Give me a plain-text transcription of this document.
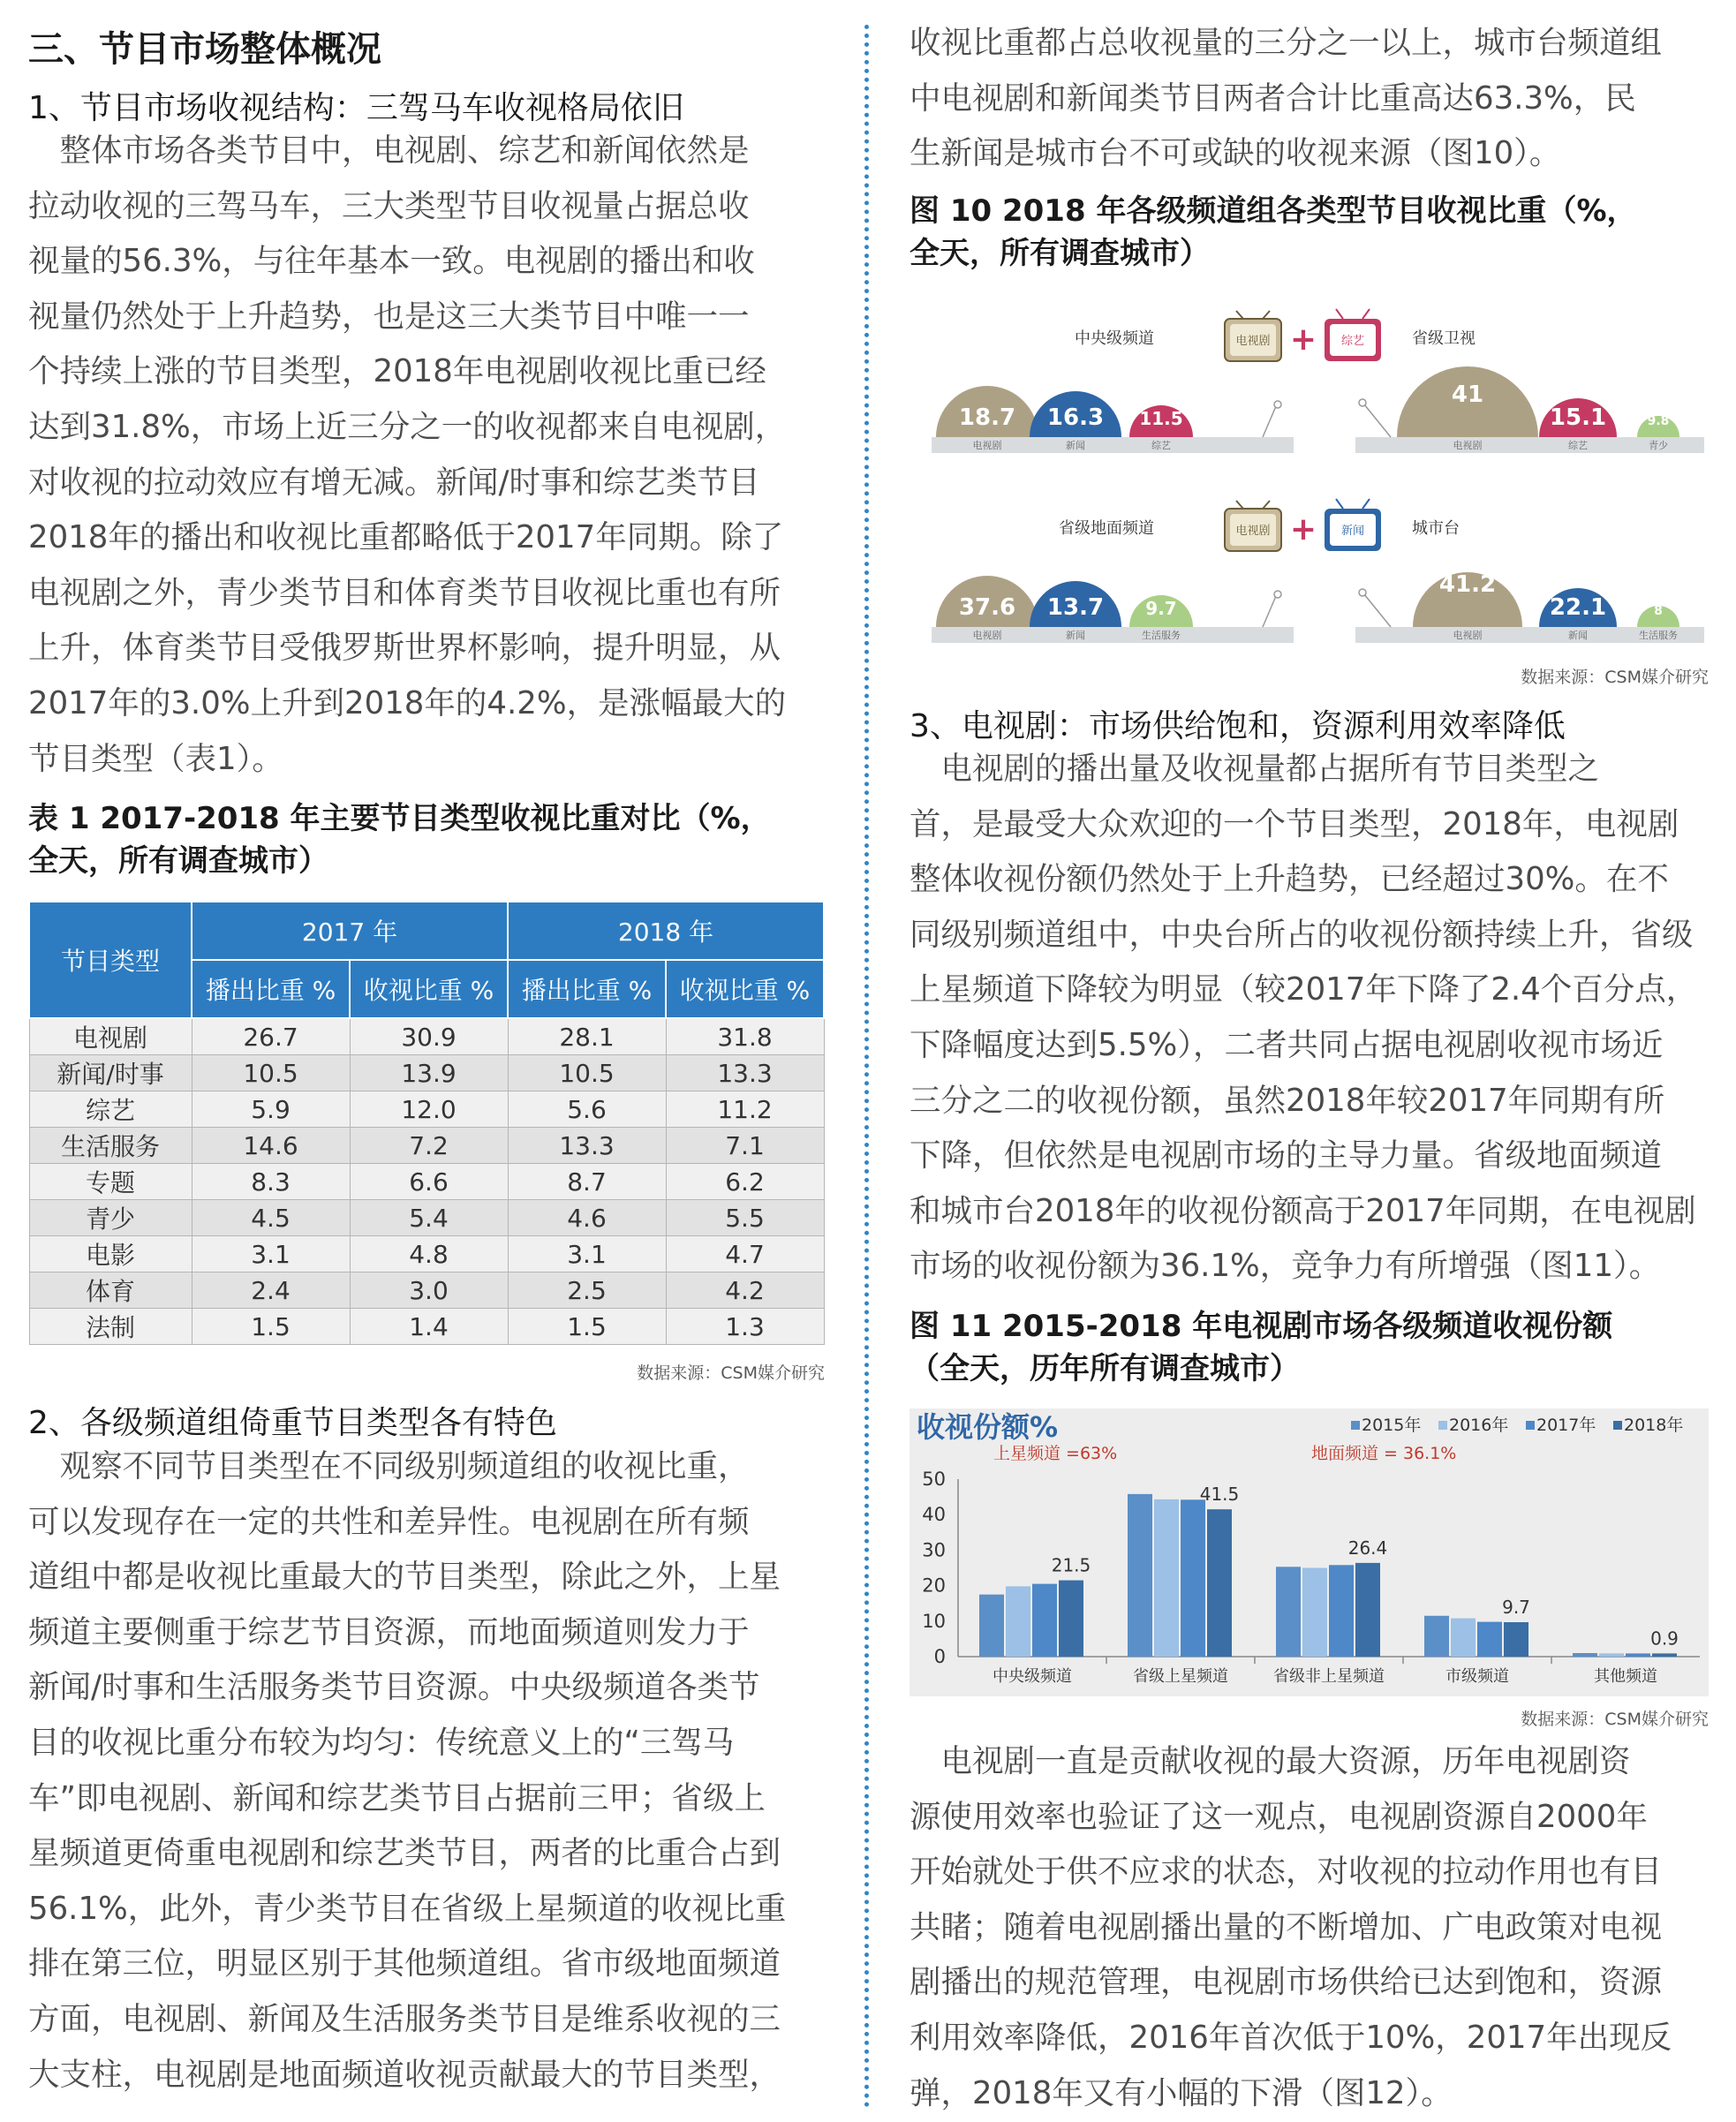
三、节目市场整体概况
1、节目市场收视结构：三驾马车收视格局依旧
　整体市场各类节目中，电视剧、综艺和新闻依然是
拉动收视的三驾马车，三大类型节目收视量占据总收
视量的56.3%，与往年基本一致。电视剧的播出和收
视量仍然处于上升趋势，也是这三大类节目中唯一一
个持续上涨的节目类型，2018年电视剧收视比重已经
达到31.8%，市场上近三分之一的收视都来自电视剧，
对收视的拉动效应有增无减。新闻/时事和综艺类节目
2018年的播出和收视比重都略低于2017年同期。除了
电视剧之外，青少类节目和体育类节目收视比重也有所
上升，体育类节目受俄罗斯世界杯影响，提升明显，从
2017年的3.0%上升到2018年的4.2%，是涨幅最大的
节目类型（表1）。
表 1 2017-2018 年主要节目类型收视比重对比（%，
全天，所有调查城市）
节目类型	2017 年		2018 年	
	播出比重 %	收视比重 %	播出比重 %	收视比重 %
电视剧	26.7	30.9	28.1	31.8
新闻/时事	10.5	13.9	10.5	13.3
综艺	5.9	12.0	5.6	11.2
生活服务	14.6	7.2	13.3	7.1
专题	8.3	6.6	8.7	6.2
青少	4.5	5.4	4.6	5.5
电影	3.1	4.8	3.1	4.7
体育	2.4	3.0	2.5	4.2
法制	1.5	1.4	1.5	1.3
数据来源：CSM媒介研究
2、各级频道组倚重节目类型各有特色
　观察不同节目类型在不同级别频道组的收视比重，
可以发现存在一定的共性和差异性。电视剧在所有频
道组中都是收视比重最大的节目类型，除此之外，上星
频道主要侧重于综艺节目资源，而地面频道则发力于
新闻/时事和生活服务类节目资源。中央级频道各类节
目的收视比重分布较为均匀：传统意义上的“三驾马
车”即电视剧、新闻和综艺类节目占据前三甲；省级上
星频道更倚重电视剧和综艺类节目，两者的比重合占到
56.1%，此外，青少类节目在省级上星频道的收视比重
排在第三位，明显区别于其他频道组。省市级地面频道
方面，电视剧、新闻及生活服务类节目是维系收视的三
大支柱，电视剧是地面频道收视贡献最大的节目类型，
收视比重都占总收视量的三分之一以上，城市台频道组
中电视剧和新闻类节目两者合计比重高达63.3%，民
生新闻是城市台不可或缺的收视来源（图10）。
图 10 2018 年各级频道组各类型节目收视比重（%，
全天，所有调查城市）
中央级频道	电视剧 + 综艺	省级卫视
18.7
电视剧
16.3
新闻
11.5
综艺
41
电视剧
15.1
综艺
9.8
青少
省级地面频道	电视剧 + 新闻	城市台
37.6
电视剧
13.7
新闻
9.7
生活服务
41.2
电视剧
22.1
新闻
8
生活服务
数据来源：CSM媒介研究
3、电视剧：市场供给饱和，资源利用效率降低
　电视剧的播出量及收视量都占据所有节目类型之
首，是最受大众欢迎的一个节目类型，2018年，电视剧
整体收视份额仍然处于上升趋势，已经超过30%。在不
同级别频道组中，中央台所占的收视份额持续上升，省级
上星频道下降较为明显（较2017年下降了2.4个百分点，
下降幅度达到5.5%），二者共同占据电视剧收视市场近
三分之二的收视份额，虽然2018年较2017年同期有所
下降，但依然是电视剧市场的主导力量。省级地面频道
和城市台2018年的收视份额高于2017年同期，在电视剧
市场的收视份额为36.1%，竞争力有所增强（图11）。
图 11 2015-2018 年电视剧市场各级频道收视份额
（全天，历年所有调查城市）
收视份额%
上星频道 =63%	地面频道 = 36.1%
2015年 2016年 2017年 2018年
0
10
20
30
40
50
21.5
中央级频道
41.5
省级上星频道
26.4
省级非上星频道
9.7
市级频道
0.9
其他频道
数据来源：CSM媒介研究
　电视剧一直是贡献收视的最大资源，历年电视剧资
源使用效率也验证了这一观点，电视剧资源自2000年
开始就处于供不应求的状态，对收视的拉动作用也有目
共睹；随着电视剧播出量的不断增加、广电政策对电视
剧播出的规范管理，电视剧市场供给已达到饱和，资源
利用效率降低，2016年首次低于10%，2017年出现反
弹，2018年又有小幅的下滑（图12）。
